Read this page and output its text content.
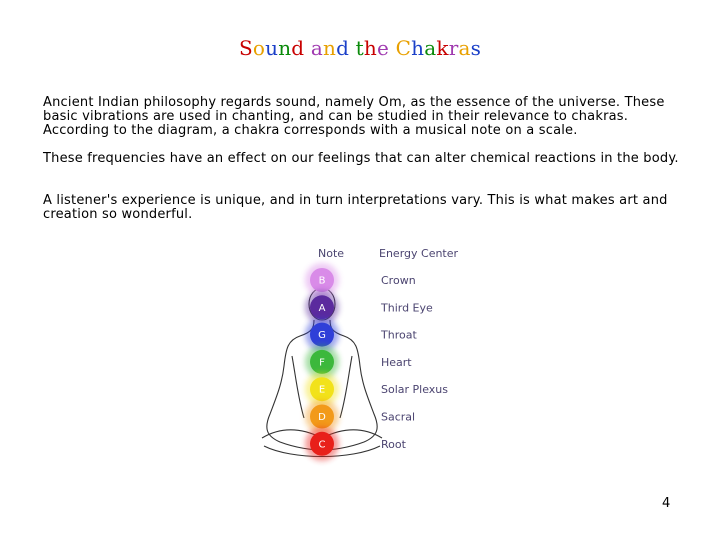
Sound and the Chakras
Ancient Indian philosophy regards sound, namely Om, as the essence of the universe. These basic vibrations are used in chanting, and can be studied in their relevance to chakras. According to the diagram, a chakra corresponds with a musical note on a scale.
These frequencies have an effect on our feelings that can alter chemical reactions in the body.
A listener's experience is unique, and in turn interpretations vary. This is what makes art and creation so wonderful.
B
A
G
F
E
D
C
Note	Energy Center
Crown
Third Eye
Throat
Heart
Solar Plexus
Sacral
Root
4
